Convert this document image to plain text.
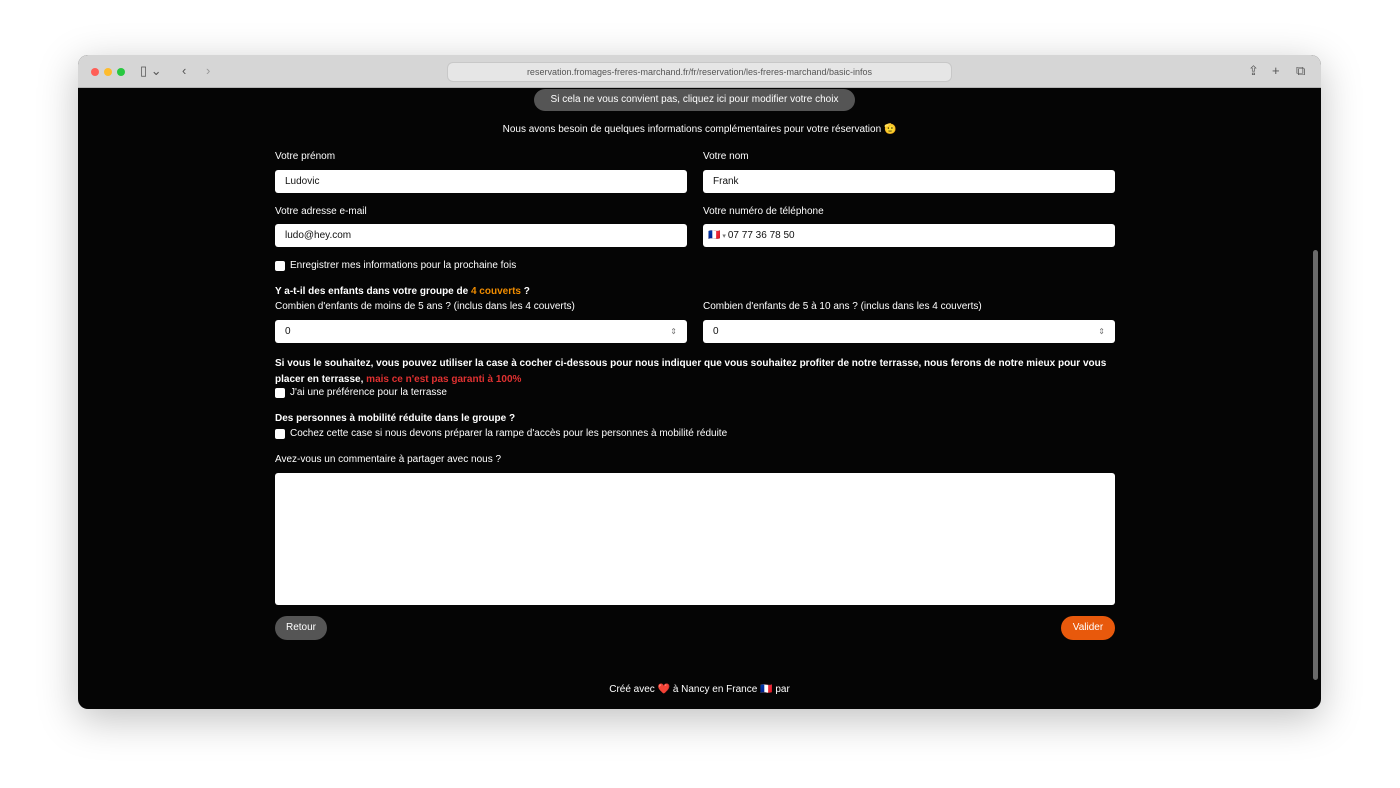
▯ ⌄ ‹ ›	reservation.fromages-freres-marchand.fr/fr/reservation/les-freres-marchand/basic-infos	⇪ + ⧉
Si cela ne vous convient pas, cliquez ici pour modifier votre choix
Nous avons besoin de quelques informations complémentaires pour votre réservation 🫡
Votre prénom
Ludovic
Votre nom
Frank
Votre adresse e-mail
ludo@hey.com
Votre numéro de téléphone
🇫🇷 ▾ 07 77 36 78 50
Enregistrer mes informations pour la prochaine fois
Y a-t-il des enfants dans votre groupe de 4 couverts ?
Combien d'enfants de moins de 5 ans ? (inclus dans les 4 couverts)
0	⇕
Combien d'enfants de 5 à 10 ans ? (inclus dans les 4 couverts)
0	⇕
Si vous le souhaitez, vous pouvez utiliser la case à cocher ci-dessous pour nous indiquer que vous souhaitez profiter de notre terrasse, nous ferons de notre mieux pour vous placer en terrasse, mais ce n'est pas garanti à 100%
J'ai une préférence pour la terrasse
Des personnes à mobilité réduite dans le groupe ?
Cochez cette case si nous devons préparer la rampe d'accès pour les personnes à mobilité réduite
Avez-vous un commentaire à partager avec nous ?
Retour	Valider
Créé avec ❤️ à Nancy en France 🇫🇷 par
